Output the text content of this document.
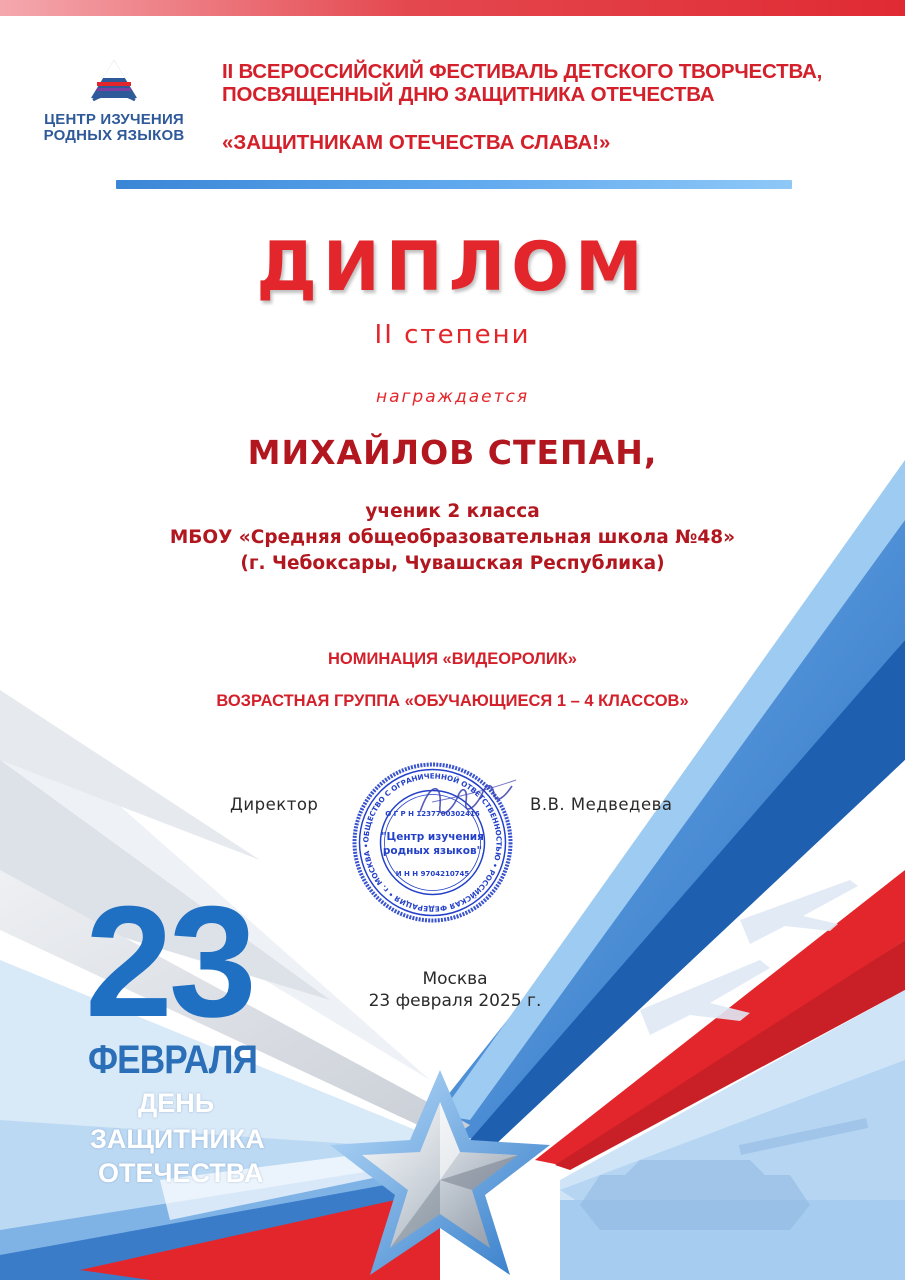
ЦЕНТР ИЗУЧЕНИЯ
РОДНЫХ ЯЗЫКОВ
II ВСЕРОССИЙСКИЙ ФЕСТИВАЛЬ ДЕТСКОГО ТВОРЧЕСТВА,
ПОСВЯЩЕННЫЙ ДНЮ ЗАЩИТНИКА ОТЕЧЕСТВА
«ЗАЩИТНИКАМ ОТЕЧЕСТВА СЛАВА!»
ДИПЛОМ
II степени
награждается
МИХАЙЛОВ СТЕПАН,
ученик 2 класса
МБОУ «Средняя общеобразовательная школа №48»
(г. Чебоксары, Чувашская Республика)
НОМИНАЦИЯ «ВИДЕОРОЛИК»
ВОЗРАСТНАЯ ГРУППА «ОБУЧАЮЩИЕСЯ 1 – 4 КЛАССОВ»
Директор	В.В. Медведева
ОБЩЕСТВО С ОГРАНИЧЕННОЙ ОТВЕТСТВЕННОСТЬЮ • РОССИЙСКАЯ ФЕДЕРАЦИЯ • г. МОСКВА •
О Г Р Н 1237700302416
"Центр изучения
родных языков"
И Н Н 9704210745
Москва
23 февраля 2025 г.
23
ФЕВРАЛЯ
ДЕНЬ
ЗАЩИТНИКА
ОТЕЧЕСТВА
